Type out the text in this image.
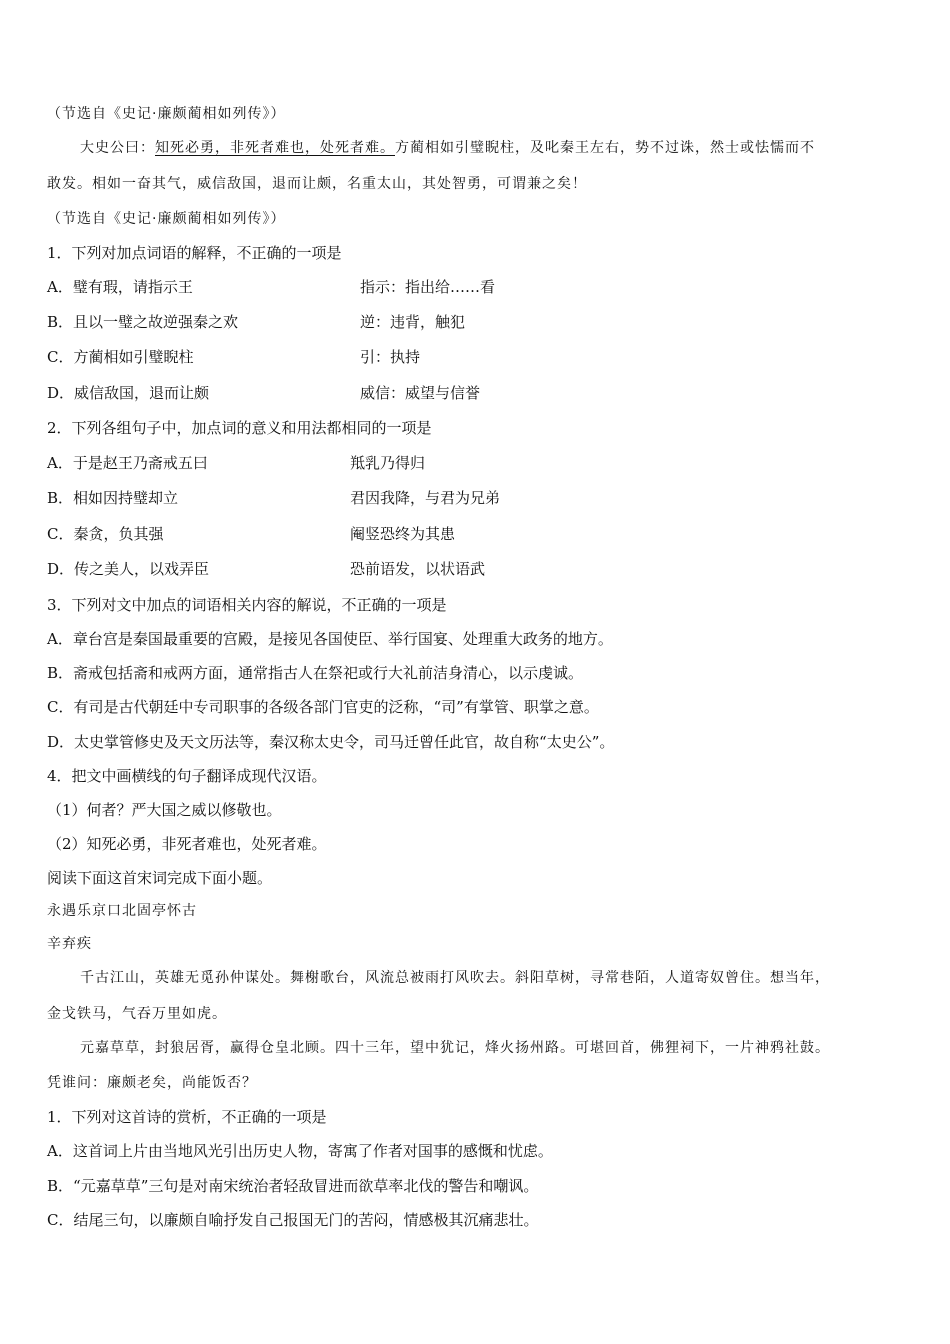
（节选自《史记·廉颇蔺相如列传》）
大史公曰：知死必勇，非死者难也，处死者难。方蔺相如引璧睨柱，及叱秦王左右，势不过诛，然士或怯懦而不
敢发。相如一奋其气，威信敌国，退而让颇，名重太山，其处智勇，可谓兼之矣！
（节选自《史记·廉颇蔺相如列传》）
1．下列对加点词语的解释，不正确的一项是
A．璧有瑕，请指示王	指示：指出给……看
B．且以一璧之故逆强秦之欢	逆：违背，触犯
C．方蔺相如引璧睨柱	引：执持
D．威信敌国，退而让颇	威信：威望与信誉
2．下列各组句子中，加点词的意义和用法都相同的一项是
A．于是赵王乃斋戒五曰	羝乳乃得归
B．相如因持璧却立	君因我降，与君为兄弟
C．秦贪，负其强	阉竖恐终为其患
D．传之美人，以戏弄臣	恐前语发，以状语武
3．下列对文中加点的词语相关内容的解说，不正确的一项是
A．章台宫是秦国最重要的宫殿，是接见各国使臣、举行国宴、处理重大政务的地方。
B．斋戒包括斋和戒两方面，通常指古人在祭祀或行大礼前洁身清心，以示虔诚。
C．有司是古代朝廷中专司职事的各级各部门官吏的泛称，“司”有掌管、职掌之意。
D．太史掌管修史及天文历法等，秦汉称太史令，司马迁曾任此官，故自称“太史公”。
4．把文中画横线的句子翻译成现代汉语。
（1）何者？严大国之威以修敬也。
（2）知死必勇，非死者难也，处死者难。
阅读下面这首宋词完成下面小题。
永遇乐京口北固亭怀古
辛弃疾
千古江山，英雄无觅孙仲谋处。舞榭歌台，风流总被雨打风吹去。斜阳草树，寻常巷陌，人道寄奴曾住。想当年，
金戈铁马，气吞万里如虎。
元嘉草草，封狼居胥，赢得仓皇北顾。四十三年，望中犹记，烽火扬州路。可堪回首，佛狸祠下，一片神鸦社鼓。
凭谁问：廉颇老矣，尚能饭否？
1．下列对这首诗的赏析，不正确的一项是
A．这首词上片由当地风光引出历史人物，寄寓了作者对国事的感慨和忧虑。
B．“元嘉草草”三句是对南宋统治者轻敌冒进而欲草率北伐的警告和嘲讽。
C．结尾三句，以廉颇自喻抒发自己报国无门的苦闷，情感极其沉痛悲壮。
